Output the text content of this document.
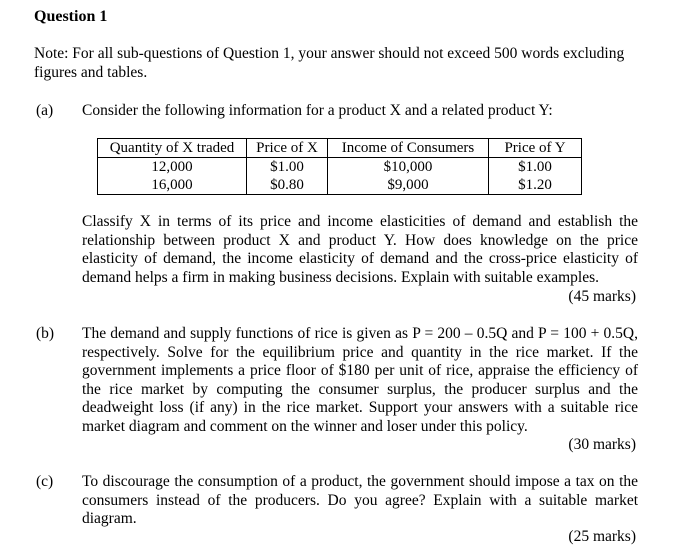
Question 1
Note: For all sub-questions of Question 1, your answer should not exceed 500 words excluding figures and tables.
(a) Consider the following information for a product X and a related product Y:
Quantity of X traded	Price of X	Income of Consumers	Price of Y
12,000	$1.00	$10,000	$1.00
16,000	$0.80	$9,000	$1.20
Classify X in terms of its price and income elasticities of demand and establish the relationship between product X and product Y. How does knowledge on the price elasticity of demand, the income elasticity of demand and the cross-price elasticity of demand helps a firm in making business decisions. Explain with suitable examples.
(45 marks)
(b) The demand and supply functions of rice is given as P = 200 – 0.5Q and P = 100 + 0.5Q, respectively. Solve for the equilibrium price and quantity in the rice market. If the government implements a price floor of $180 per unit of rice, appraise the efficiency of the rice market by computing the consumer surplus, the producer surplus and the deadweight loss (if any) in the rice market. Support your answers with a suitable rice market diagram and comment on the winner and loser under this policy.
(30 marks)
(c) To discourage the consumption of a product, the government should impose a tax on the consumers instead of the producers. Do you agree? Explain with a suitable market diagram.
(25 marks)
